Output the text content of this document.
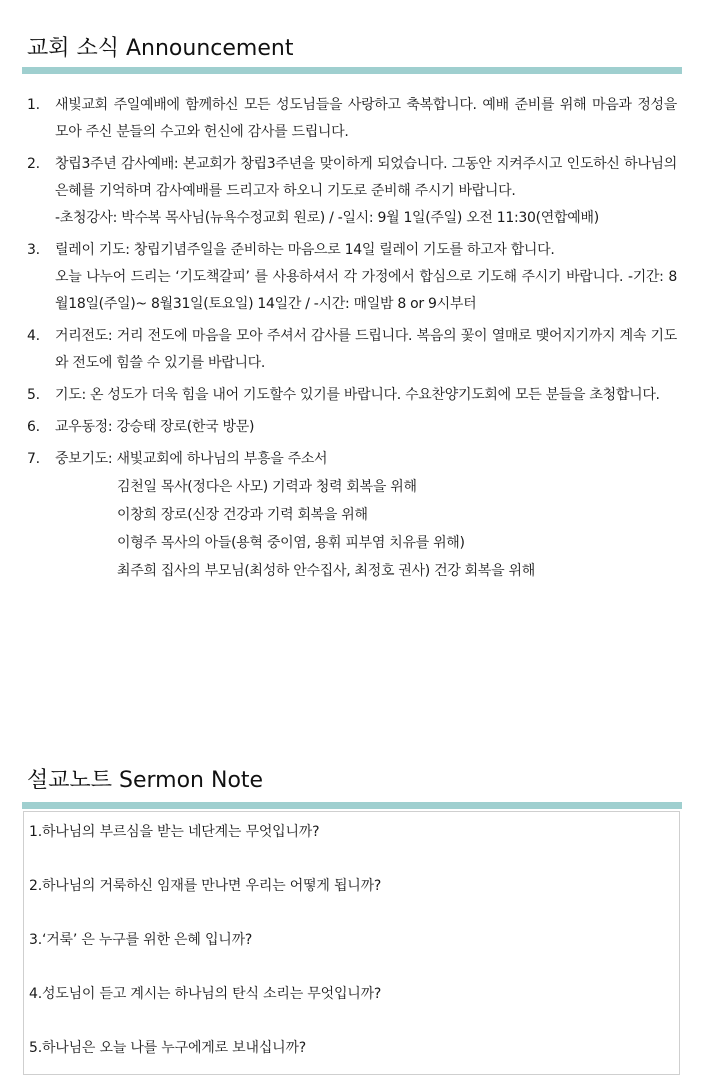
교회 소식 Announcement
1.	새빛교회 주일예배에 함께하신 모든 성도님들을 사랑하고 축복합니다. 예배 준비를 위해 마음과 정성을 모아 주신 분들의 수고와 헌신에 감사를 드립니다.

2.	창립3주년 감사예배: 본교회가 창립3주년을 맞이하게 되었습니다. 그동안 지켜주시고 인도하신 하나님의 은혜를 기억하며 감사예배를 드리고자 하오니 기도로 준비해 주시기 바랍니다.

-초청강사: 박수복 목사님(뉴욕수정교회 원로) / -일시: 9월 1일(주일) 오전 11:30(연합예배)
3.	릴레이 기도: 창립기념주일을 준비하는 마음으로 14일 릴레이 기도를 하고자 합니다.

오늘 나누어 드리는 ‘기도책갈피’ 를 사용하셔서 각 가정에서 합심으로 기도해 주시기 바랍니다. -기간: 8월18일(주일)~ 8월31일(토요일) 14일간 / -시간: 매일밤 8 or 9시부터
4.	거리전도: 거리 전도에 마음을 모아 주셔서 감사를 드립니다. 복음의 꽃이 열매로 맺어지기까지 계속 기도와 전도에 힘쓸 수 있기를 바랍니다.

5.	기도: 온 성도가 더욱 힘을 내어 기도할수 있기를 바랍니다. 수요찬양기도회에 모든 분들을 초청합니다.

6.	교우동정: 강승태 장로(한국 방문)

7.	중보기도: 새빛교회에 하나님의 부흥을 주소서

김천일 목사(정다은 사모) 기력과 청력 회복을 위해
이창희 장로(신장 건강과 기력 회복을 위해
이형주 목사의 아들(용혁 중이염, 용휘 피부염 치유를 위해)
최주희 집사의 부모님(최성하 안수집사, 최정호 권사) 건강 회복을 위해
설교노트 Sermon Note
1.하나님의 부르심을 받는 네단계는 무엇입니까?
2.하나님의 거룩하신 임재를 만나면 우리는 어떻게 됩니까?
3.‘거룩’ 은 누구를 위한 은혜 입니까?
4.성도님이 듣고 계시는 하나님의 탄식 소리는 무엇입니까?
5.하나님은 오늘 나를 누구에게로 보내십니까?
